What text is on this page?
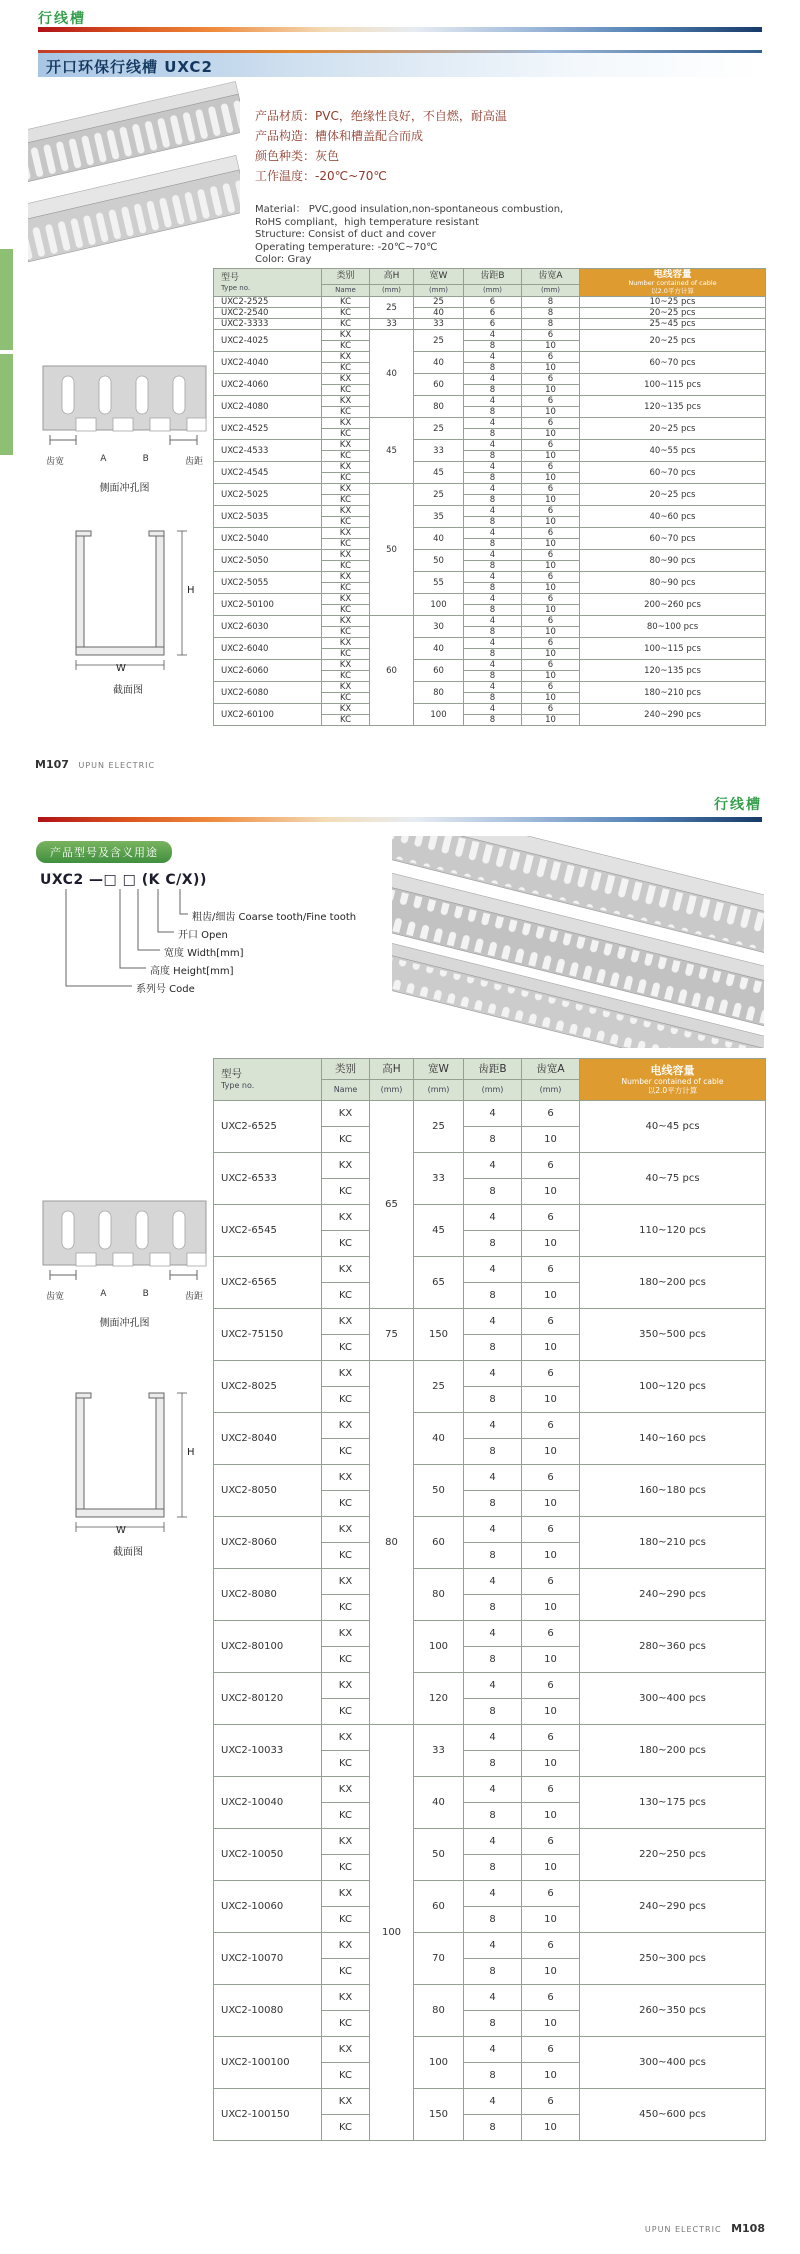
行线槽
开口环保行线槽 UXC2
产品材质：PVC，绝缘性良好，不自燃，耐高温
产品构造：槽体和槽盖配合而成
颜色种类：灰色
工作温度：-20℃~70℃
Material： PVC,good insulation,non-spontaneous combustion,
RoHS compliant，high temperature resistant
Structure: Consist of duct and cover
Operating temperature: -20℃~70℃
Color: Gray
齿宽	A	B	齿距
侧面冲孔图
H
W
截面图
型号
Type no.
	类别	高H	宽W	齿距B	齿宽A	电线容量
Number contained of cable
以2.0平方计算

	Name	(mm)	(mm)	(mm)	(mm)	
UXC2-2525	KC	25	25	6	8	10~25 pcs
UXC2-2540	KC		40	6	8	20~25 pcs
UXC2-3333	KC	33	33	6	8	25~45 pcs
UXC2-4025	KX	40	25	4	6	20~25 pcs
	KC			8	10	
UXC2-4040	KX		40	4	6	60~70 pcs
	KC			8	10	
UXC2-4060	KX		60	4	6	100~115 pcs
	KC			8	10	
UXC2-4080	KX		80	4	6	120~135 pcs
	KC			8	10	
UXC2-4525	KX	45	25	4	6	20~25 pcs
	KC			8	10	
UXC2-4533	KX		33	4	6	40~55 pcs
	KC			8	10	
UXC2-4545	KX		45	4	6	60~70 pcs
	KC			8	10	
UXC2-5025	KX	50	25	4	6	20~25 pcs
	KC			8	10	
UXC2-5035	KX		35	4	6	40~60 pcs
	KC			8	10	
UXC2-5040	KX		40	4	6	60~70 pcs
	KC			8	10	
UXC2-5050	KX		50	4	6	80~90 pcs
	KC			8	10	
UXC2-5055	KX		55	4	6	80~90 pcs
	KC			8	10	
UXC2-50100	KX		100	4	6	200~260 pcs
	KC			8	10	
UXC2-6030	KX	60	30	4	6	80~100 pcs
	KC			8	10	
UXC2-6040	KX		40	4	6	100~115 pcs
	KC			8	10	
UXC2-6060	KX		60	4	6	120~135 pcs
	KC			8	10	
UXC2-6080	KX		80	4	6	180~210 pcs
	KC			8	10	
UXC2-60100	KX		100	4	6	240~290 pcs
	KC			8	10	
M107 UPUN ELECTRIC
行线槽
产品型号及含义用途
UXC2 —□ □ (K C/X))
粗齿/细齿 Coarse tooth/Fine tooth
开口 Open
宽度 Width[mm]
高度 Height[mm]
系列号 Code
齿宽	A	B	齿距
侧面冲孔图
H
W
截面图
型号
Type no.
	类别	高H	宽W	齿距B	齿宽A	电线容量
Number contained of cable
以2.0平方计算

	Name	(mm)	(mm)	(mm)	(mm)	
UXC2-6525	KX	65	25	4	6	40~45 pcs
	KC			8	10	
UXC2-6533	KX		33	4	6	40~75 pcs
	KC			8	10	
UXC2-6545	KX		45	4	6	110~120 pcs
	KC			8	10	
UXC2-6565	KX		65	4	6	180~200 pcs
	KC			8	10	
UXC2-75150	KX	75	150	4	6	350~500 pcs
	KC			8	10	
UXC2-8025	KX	80	25	4	6	100~120 pcs
	KC			8	10	
UXC2-8040	KX		40	4	6	140~160 pcs
	KC			8	10	
UXC2-8050	KX		50	4	6	160~180 pcs
	KC			8	10	
UXC2-8060	KX		60	4	6	180~210 pcs
	KC			8	10	
UXC2-8080	KX		80	4	6	240~290 pcs
	KC			8	10	
UXC2-80100	KX		100	4	6	280~360 pcs
	KC			8	10	
UXC2-80120	KX		120	4	6	300~400 pcs
	KC			8	10	
UXC2-10033	KX	100	33	4	6	180~200 pcs
	KC			8	10	
UXC2-10040	KX		40	4	6	130~175 pcs
	KC			8	10	
UXC2-10050	KX		50	4	6	220~250 pcs
	KC			8	10	
UXC2-10060	KX		60	4	6	240~290 pcs
	KC			8	10	
UXC2-10070	KX		70	4	6	250~300 pcs
	KC			8	10	
UXC2-10080	KX		80	4	6	260~350 pcs
	KC			8	10	
UXC2-100100	KX		100	4	6	300~400 pcs
	KC			8	10	
UXC2-100150	KX		150	4	6	450~600 pcs
	KC			8	10	
UPUN ELECTRIC M108
